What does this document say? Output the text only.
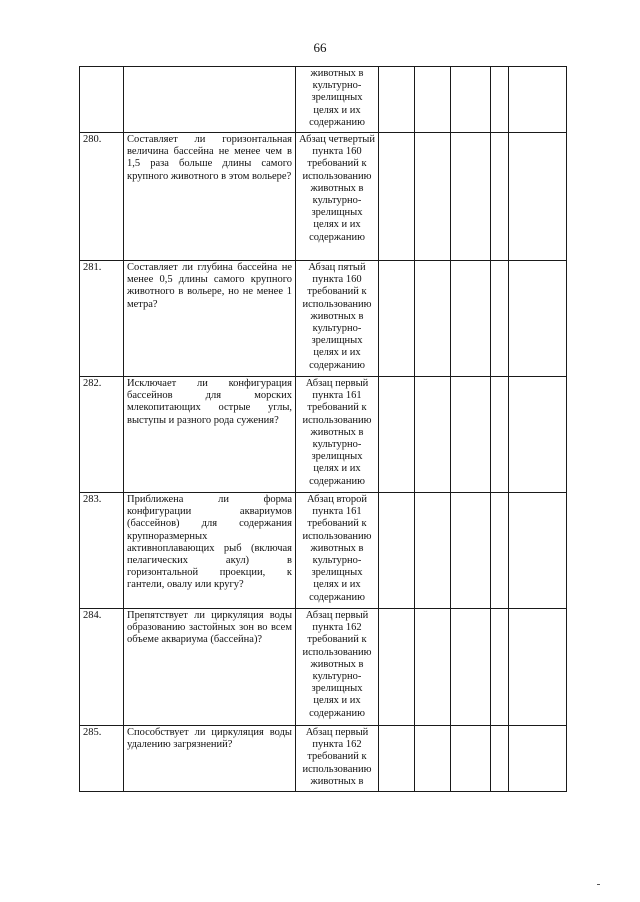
66
		животных в культурно-зрелищных целях и их содержанию					
280.	Составляет ли горизонтальная величина бассейна не менее чем в 1,5 раза больше длины самого крупного животного в этом вольере?	Абзац четвертый пункта 160 требований к использованию животных в культурно-зрелищных целях и их содержанию					
281.	Составляет ли глубина бассейна не менее 0,5 длины самого крупного животного в вольере, но не менее 1 метра?	Абзац пятый пункта 160 требований к использованию животных в культурно-зрелищных целях и их содержанию					
282.	Исключает ли конфигурация бассейнов для морских млекопитающих острые углы, выступы и разного рода сужения?	Абзац первый пункта 161 требований к использованию животных в культурно-зрелищных целях и их содержанию					
283.	Приближена ли форма конфигурации аквариумов (бассейнов) для содержания крупноразмерных активноплавающих рыб (включая пелагических акул) в горизонтальной проекции, к гантели, овалу или кругу?	Абзац второй пункта 161 требований к использованию животных в культурно-зрелищных целях и их содержанию					
284.	Препятствует ли циркуляция воды образованию застойных зон во всем объеме аквариума (бассейна)?	Абзац первый пункта 162 требований к использованию животных в культурно-зрелищных целях и их содержанию					
285.	Способствует ли циркуляция воды удалению загрязнений?	Абзац первый пункта 162 требований к использованию животных в					
